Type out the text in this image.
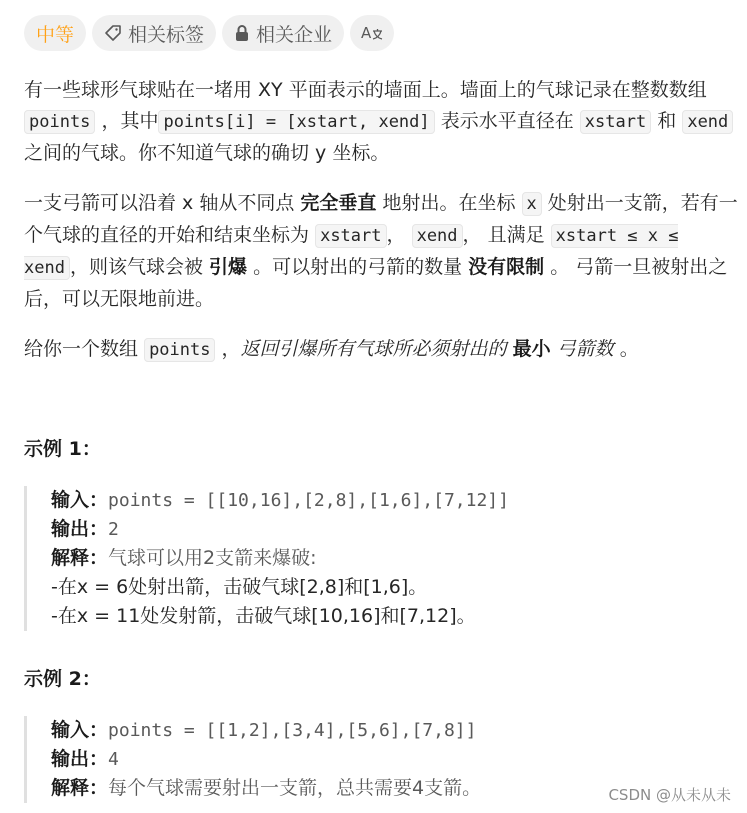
中等	相关标签	相关企业 A

有一些球形气球贴在一堵用 XY 平面表示的墙面上。墙面上的气球记录在整数数组 points ，其中 points[i] = [xstart, xend] 表示水平直径在 xstart 和 xend之间的气球。你不知道气球的确切 y 坐标。

一支弓箭可以沿着 x 轴从不同点 完全垂直 地射出。在坐标 x 处射出一支箭，若有一个气球的直径的开始和结束坐标为 xstart ， xend ， 且满足 xstart ≤ x ≤ xend ，则该气球会被 引爆 。可以射出的弓箭的数量 没有限制 。 弓箭一旦被射出之后，可以无限地前进。

给你一个数组 points ，返回引爆所有气球所必须射出的 最小 弓箭数 。

示例 1：
输入：points = [[10,16],[2,8],[1,6],[7,12]]
输出：2
解释：气球可以用2支箭来爆破:
-在x = 6处射出箭，击破气球[2,8]和[1,6]。
-在x = 11处发射箭，击破气球[10,16]和[7,12]。
示例 2：
输入：points = [[1,2],[3,4],[5,6],[7,8]]
输出：4
解释：每个气球需要射出一支箭，总共需要4支箭。	CSDN @从未从未
